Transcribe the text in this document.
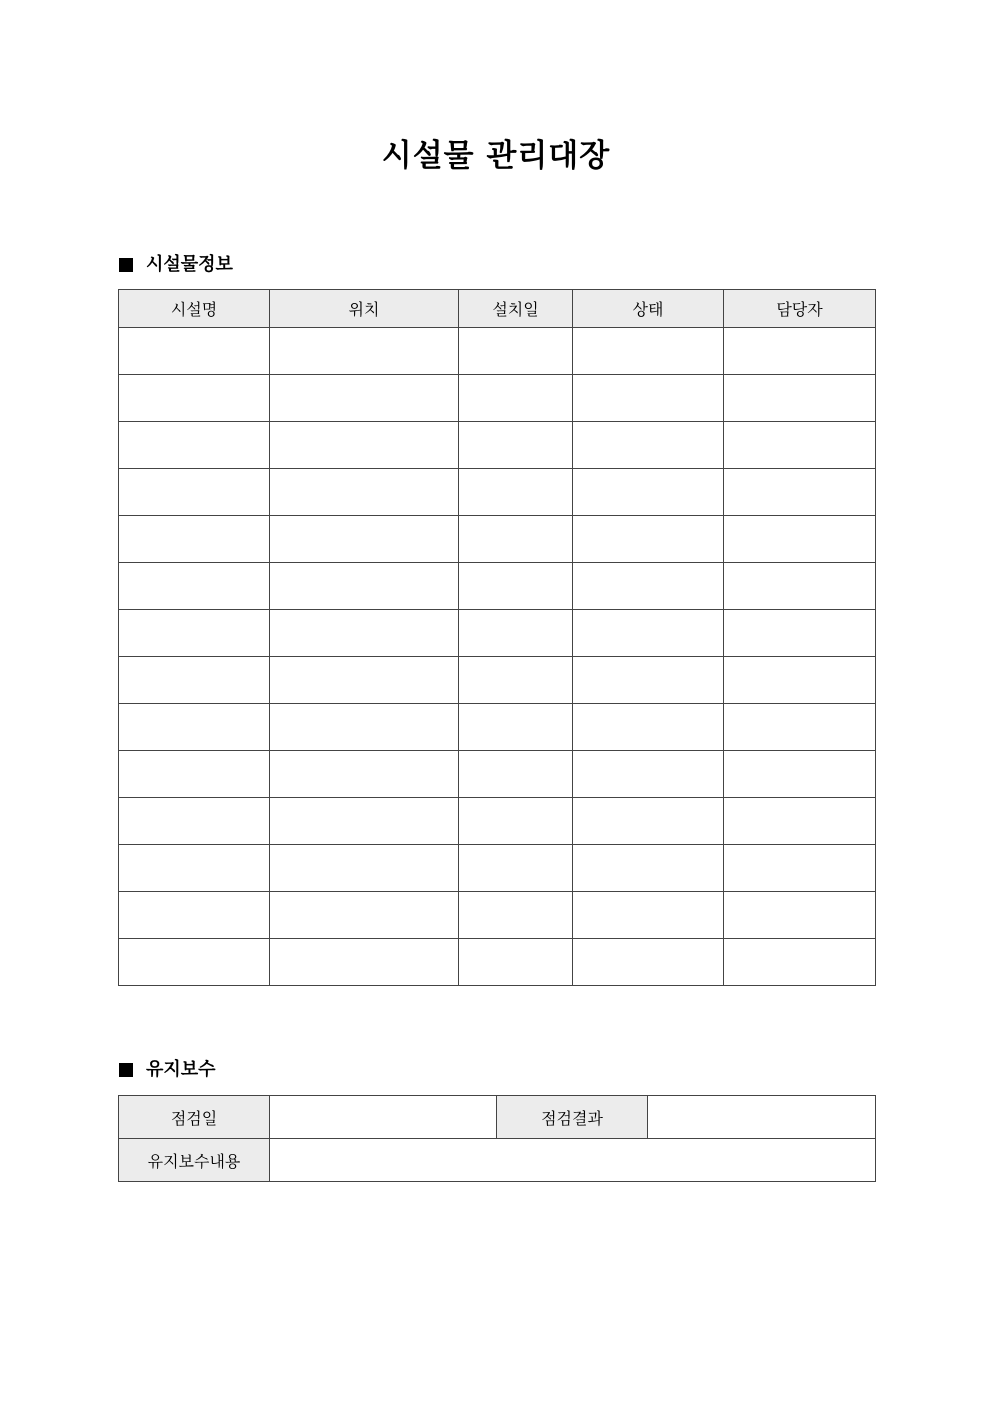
시설물 관리대장
시설물정보
시설명	위치	설치일	상태	담당자

유지보수
점검일		점검결과	
유지보수내용			
